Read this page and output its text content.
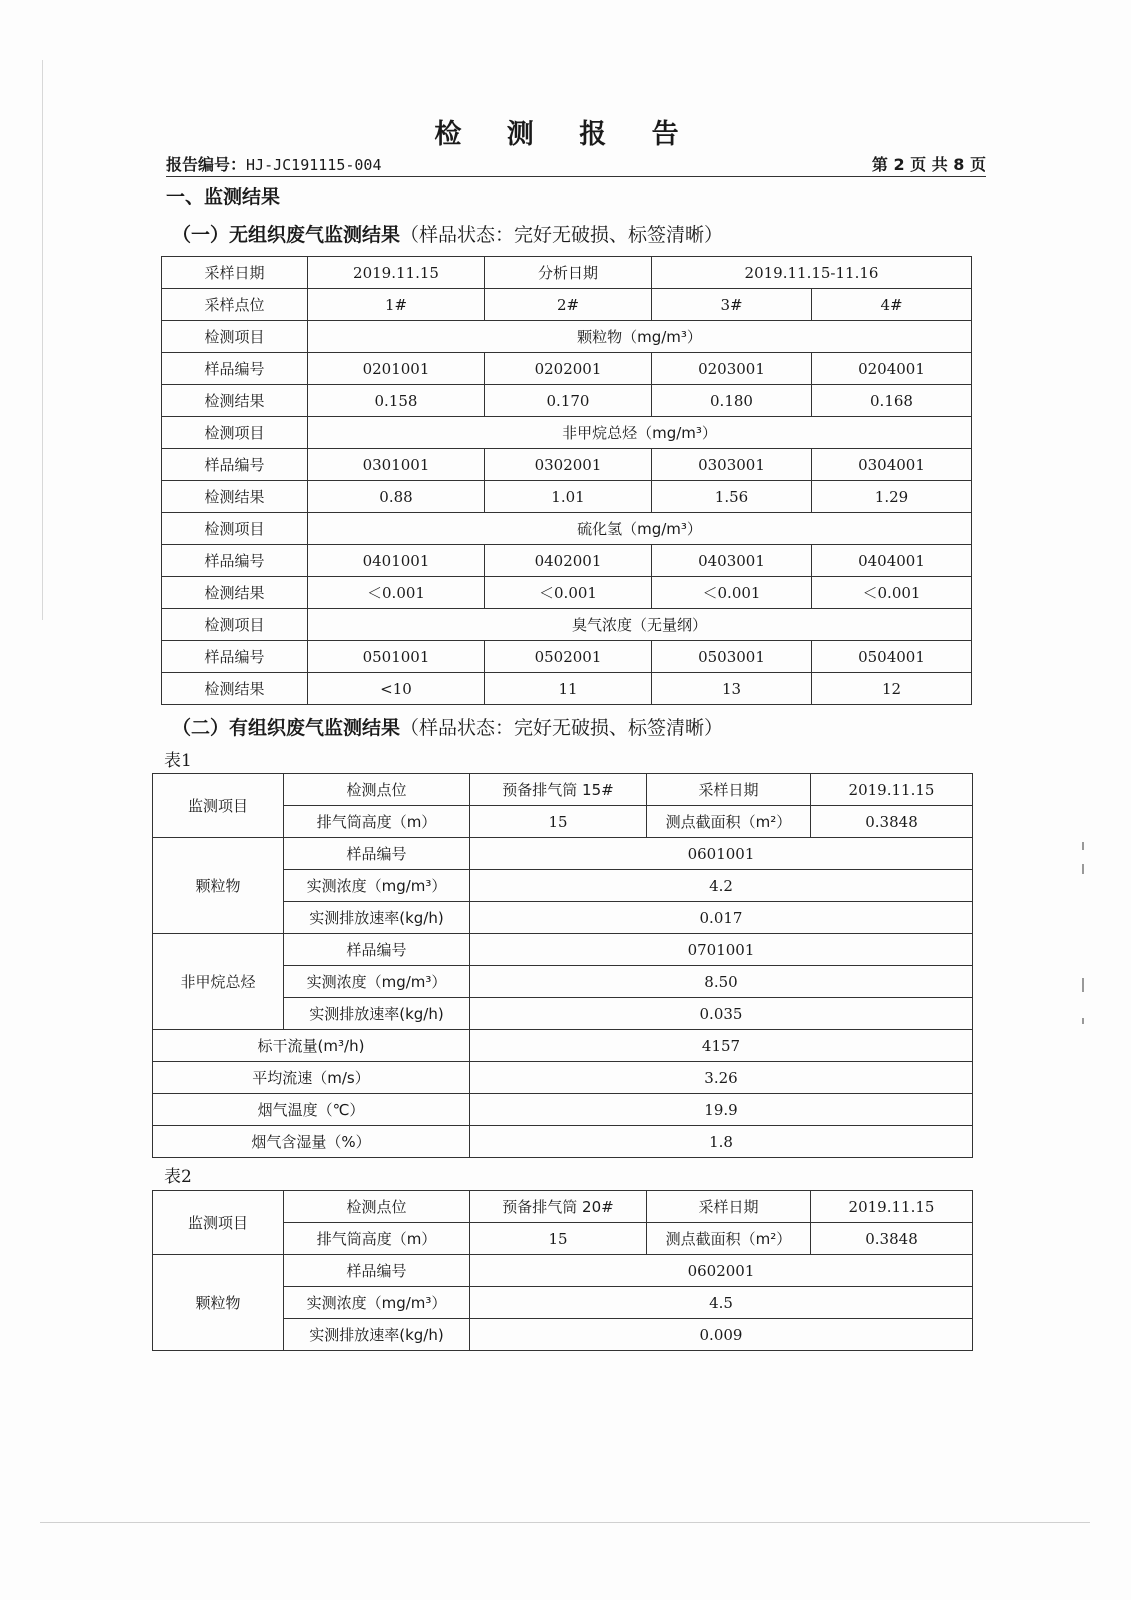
检 测 报 告
报告编号：HJ-JC191115-004	第 2 页 共 8 页
一、监测结果
（一）无组织废气监测结果（样品状态：完好无破损、标签清晰）
采样日期	2019.11.15	分析日期	2019.11.15-11.16	
采样点位	1#	2#	3#	4#
检测项目	颗粒物（mg/m³）			
样品编号	0201001	0202001	0203001	0204001
检测结果	0.158	0.170	0.180	0.168
检测项目	非甲烷总烃（mg/m³）			
样品编号	0301001	0302001	0303001	0304001
检测结果	0.88	1.01	1.56	1.29
检测项目	硫化氢（mg/m³）			
样品编号	0401001	0402001	0403001	0404001
检测结果	＜0.001	＜0.001	＜0.001	＜0.001
检测项目	臭气浓度（无量纲）			
样品编号	0501001	0502001	0503001	0504001
检测结果	<10	11	13	12
（二）有组织废气监测结果（样品状态：完好无破损、标签清晰）
表1
监测项目	检测点位	预备排气筒 15#	采样日期	2019.11.15
	排气筒高度（m）	15	测点截面积（m²）	0.3848
颗粒物	样品编号	0601001		
	实测浓度（mg/m³）	4.2		
	实测排放速率(kg/h)	0.017		
非甲烷总烃	样品编号	0701001		
	实测浓度（mg/m³）	8.50		
	实测排放速率(kg/h)	0.035		
标干流量(m³/h)		4157		
平均流速（m/s）		3.26		
烟气温度（℃）		19.9		
烟气含湿量（%）		1.8		
表2
监测项目	检测点位	预备排气筒 20#	采样日期	2019.11.15
	排气筒高度（m）	15	测点截面积（m²）	0.3848
颗粒物	样品编号	0602001		
	实测浓度（mg/m³）	4.5		
	实测排放速率(kg/h)	0.009		
